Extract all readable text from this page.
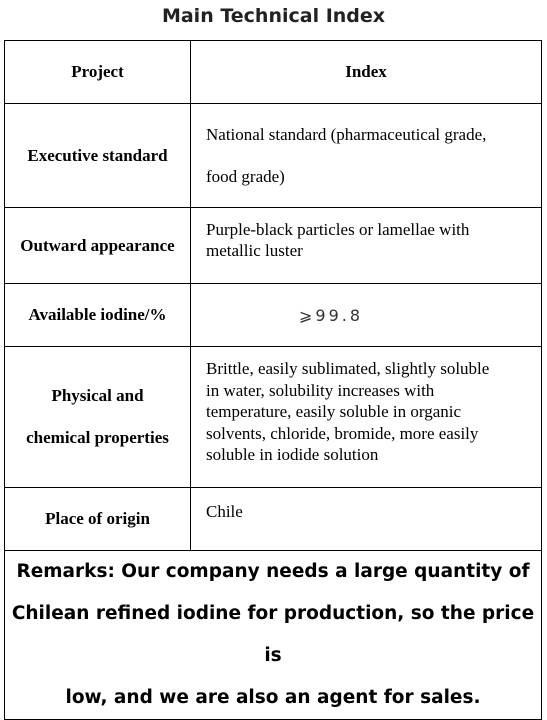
Main Technical Index
Project	Index
Executive standard	National standard (pharmaceutical grade,
food grade)
Outward appearance	Purple-black particles or lamellae with
metallic luster
Available iodine/%	⩾99.8
Physical and
chemical properties	Brittle, easily sublimated, slightly soluble
in water, solubility increases with
temperature, easily soluble in organic
solvents, chloride, bromide, more easily
soluble in iodide solution
Place of origin	Chile
Remarks: Our company needs a large quantity of
Chilean refined iodine for production, so the price is
low, and we are also an agent for sales.	
